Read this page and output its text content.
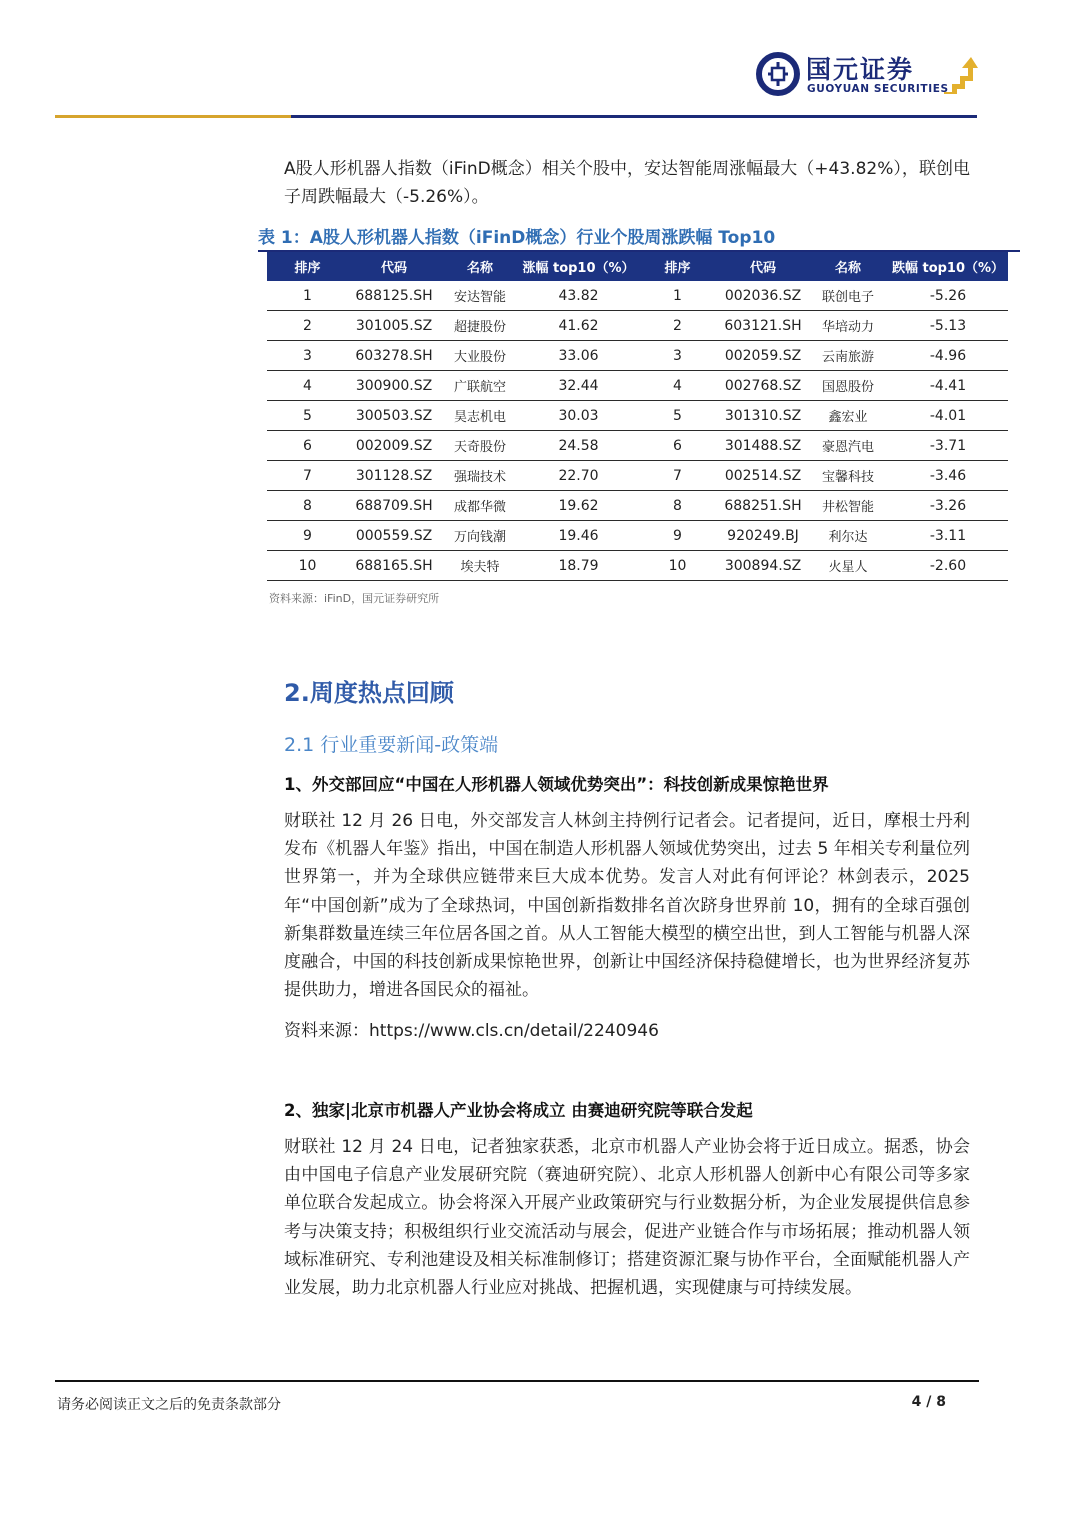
国元证券
GUOYUAN SECURITIES

A股人形机器人指数（iFinD概念）相关个股中，安达智能周涨幅最大（+43.82%），联创电子周跌幅最大（-5.26%）。

表 1：A股人形机器人指数（iFinD概念）行业个股周涨跌幅 Top10
排序	代码	名称	涨幅 top10（%）	排序	代码	名称	跌幅 top10（%）
1	688125.SH	安达智能	43.82	1	002036.SZ	联创电子	-5.26
2	301005.SZ	超捷股份	41.62	2	603121.SH	华培动力	-5.13
3	603278.SH	大业股份	33.06	3	002059.SZ	云南旅游	-4.96
4	300900.SZ	广联航空	32.44	4	002768.SZ	国恩股份	-4.41
5	300503.SZ	昊志机电	30.03	5	301310.SZ	鑫宏业	-4.01
6	002009.SZ	天奇股份	24.58	6	301488.SZ	豪恩汽电	-3.71
7	301128.SZ	强瑞技术	22.70	7	002514.SZ	宝馨科技	-3.46
8	688709.SH	成都华微	19.62	8	688251.SH	井松智能	-3.26
9	000559.SZ	万向钱潮	19.46	9	920249.BJ	利尔达	-3.11
10	688165.SH	埃夫特	18.79	10	300894.SZ	火星人	-2.60
资料来源：iFinD，国元证券研究所
2.周度热点回顾
2.1 行业重要新闻-政策端
1、外交部回应“中国在人形机器人领域优势突出”：科技创新成果惊艳世界

财联社 12 月 26 日电，外交部发言人林剑主持例行记者会。记者提问，近日，摩根士丹利发布《机器人年鉴》指出，中国在制造人形机器人领域优势突出，过去 5 年相关专利量位列世界第一，并为全球供应链带来巨大成本优势。发言人对此有何评论？林剑表示，2025 年“中国创新”成为了全球热词，中国创新指数排名首次跻身世界前 10，拥有的全球百强创新集群数量连续三年位居各国之首。从人工智能大模型的横空出世，到人工智能与机器人深度融合，中国的科技创新成果惊艳世界，创新让中国经济保持稳健增长，也为世界经济复苏提供助力，增进各国民众的福祉。

资料来源：https://www.cls.cn/detail/2240946
2、独家|北京市机器人产业协会将成立 由赛迪研究院等联合发起

财联社 12 月 24 日电，记者独家获悉，北京市机器人产业协会将于近日成立。据悉，协会由中国电子信息产业发展研究院（赛迪研究院）、北京人形机器人创新中心有限公司等多家单位联合发起成立。协会将深入开展产业政策研究与行业数据分析，为企业发展提供信息参考与决策支持；积极组织行业交流活动与展会，促进产业链合作与市场拓展；推动机器人领域标准研究、专利池建设及相关标准制修订；搭建资源汇聚与协作平台，全面赋能机器人产业发展，助力北京机器人行业应对挑战、把握机遇，实现健康与可持续发展。

请务必阅读正文之后的免责条款部分	4 / 8
